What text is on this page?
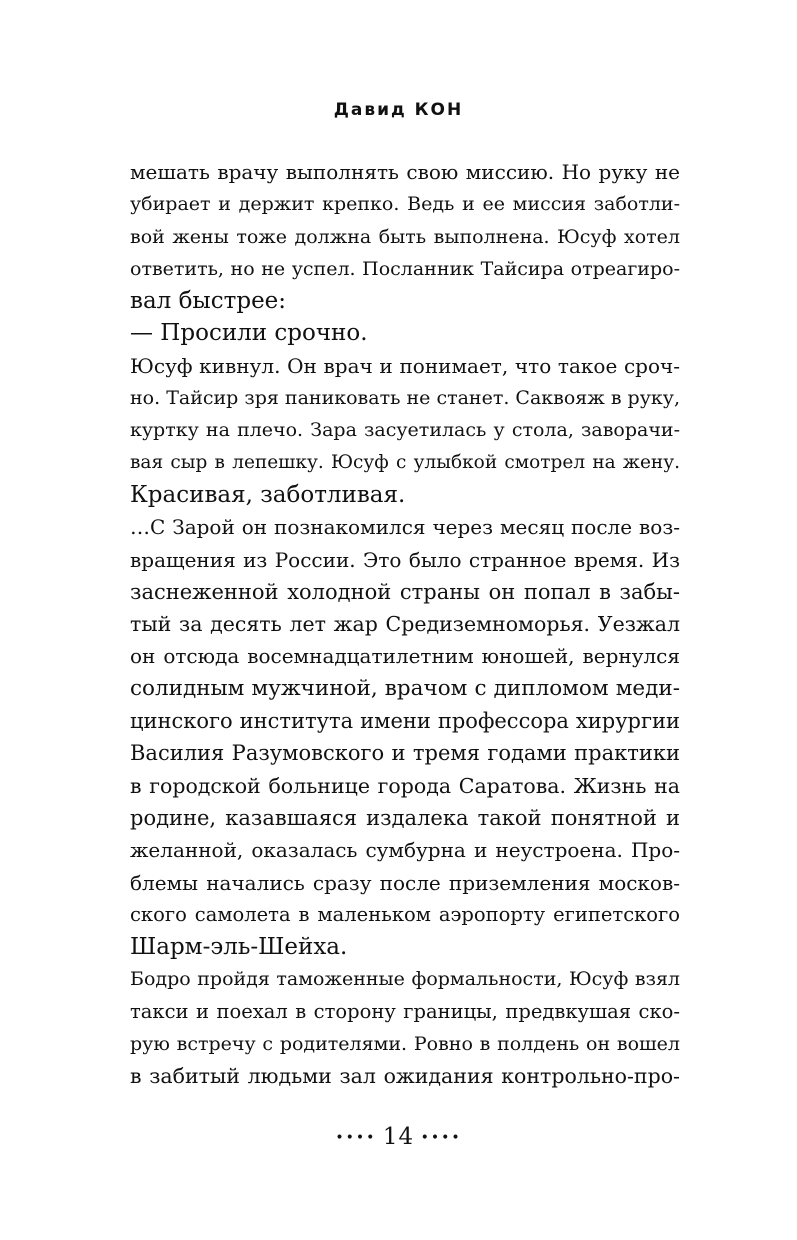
Давид КОН
мешать врачу выполнять свою миссию. Но руку не
убирает и держит крепко. Ведь и ее миссия заботли-
вой жены тоже должна быть выполнена. Юсуф хотел
ответить, но не успел. Посланник Тайсира отреагиро-
вал быстрее:
— Просили срочно.
Юсуф кивнул. Он врач и понимает, что такое сроч-
но. Тайсир зря паниковать не станет. Саквояж в руку,
куртку на плечо. Зара засуетилась у стола, заворачи-
вая сыр в лепешку. Юсуф с улыбкой смотрел на жену.
Красивая, заботливая.
…С Зарой он познакомился через месяц после воз-
вращения из России. Это было странное время. Из
заснеженной холодной страны он попал в забы-
тый за десять лет жар Средиземноморья. Уезжал
он отсюда восемнадцатилетним юношей, вернулся
солидным мужчиной, врачом с дипломом меди-
цинского института имени профессора хирургии
Василия Разумовского и тремя годами практики
в городской больнице города Саратова. Жизнь на
родине, казавшаяся издалека такой понятной и
желанной, оказалась сумбурна и неустроена. Про-
блемы начались сразу после приземления москов-
ского самолета в маленьком аэропорту египетского
Шарм-эль-Шейха.
Бодро пройдя таможенные формальности, Юсуф взял
такси и поехал в сторону границы, предвкушая ско-
рую встречу с родителями. Ровно в полдень он вошел
в забитый людьми зал ожидания контрольно-про-
•••• 14 ••••
